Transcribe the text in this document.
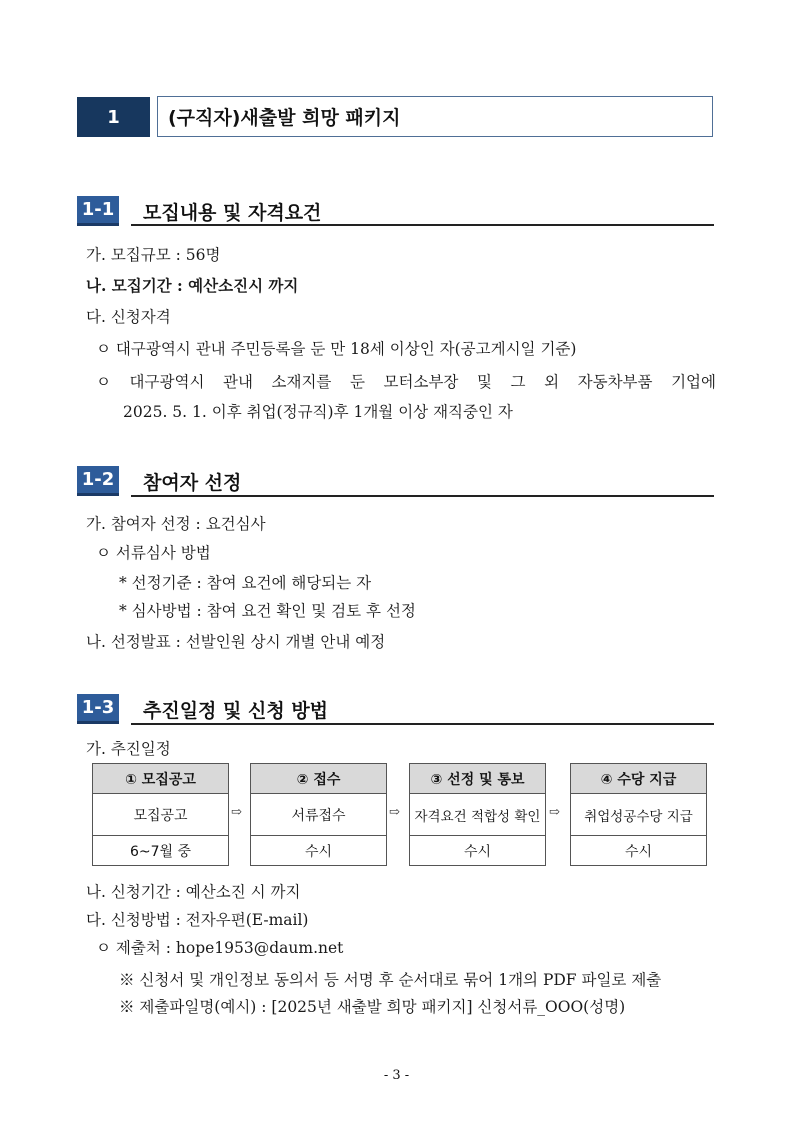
1	(구직자)새출발 희망 패키지
1-1 모집내용 및 자격요건
가. 모집규모 : 56명
나. 모집기간 : 예산소진시 까지
다. 신청자격
ㅇ 대구광역시 관내 주민등록을 둔 만 18세 이상인 자(공고게시일 기준)
ㅇ 대구광역시 관내 소재지를 둔 모터소부장 및 그 외 자동차부품 기업에
2025. 5. 1. 이후 취업(정규직)후 1개월 이상 재직중인 자
1-2 참여자 선정
가. 참여자 선정 : 요건심사
ㅇ 서류심사 방법
* 선정기준 : 참여 요건에 해당되는 자
* 심사방법 : 참여 요건 확인 및 검토 후 선정
나. 선정발표 : 선발인원 상시 개별 안내 예정
1-3 추진일정 및 신청 방법
가. 추진일정
① 모집공고
모집공고
6~7월 중
⇨
② 접수
서류접수
수시
⇨
③ 선정 및 통보
자격요건 적합성 확인
수시
⇨
④ 수당 지급
취업성공수당 지급
수시
나. 신청기간 : 예산소진 시 까지
다. 신청방법 : 전자우편(E-mail)
ㅇ 제출처 : hope1953@daum.net
※ 신청서 및 개인정보 동의서 등 서명 후 순서대로 묶어 1개의 PDF 파일로 제출
※ 제출파일명(예시) : [2025년 새출발 희망 패키지] 신청서류_OOO(성명)
- 3 -
